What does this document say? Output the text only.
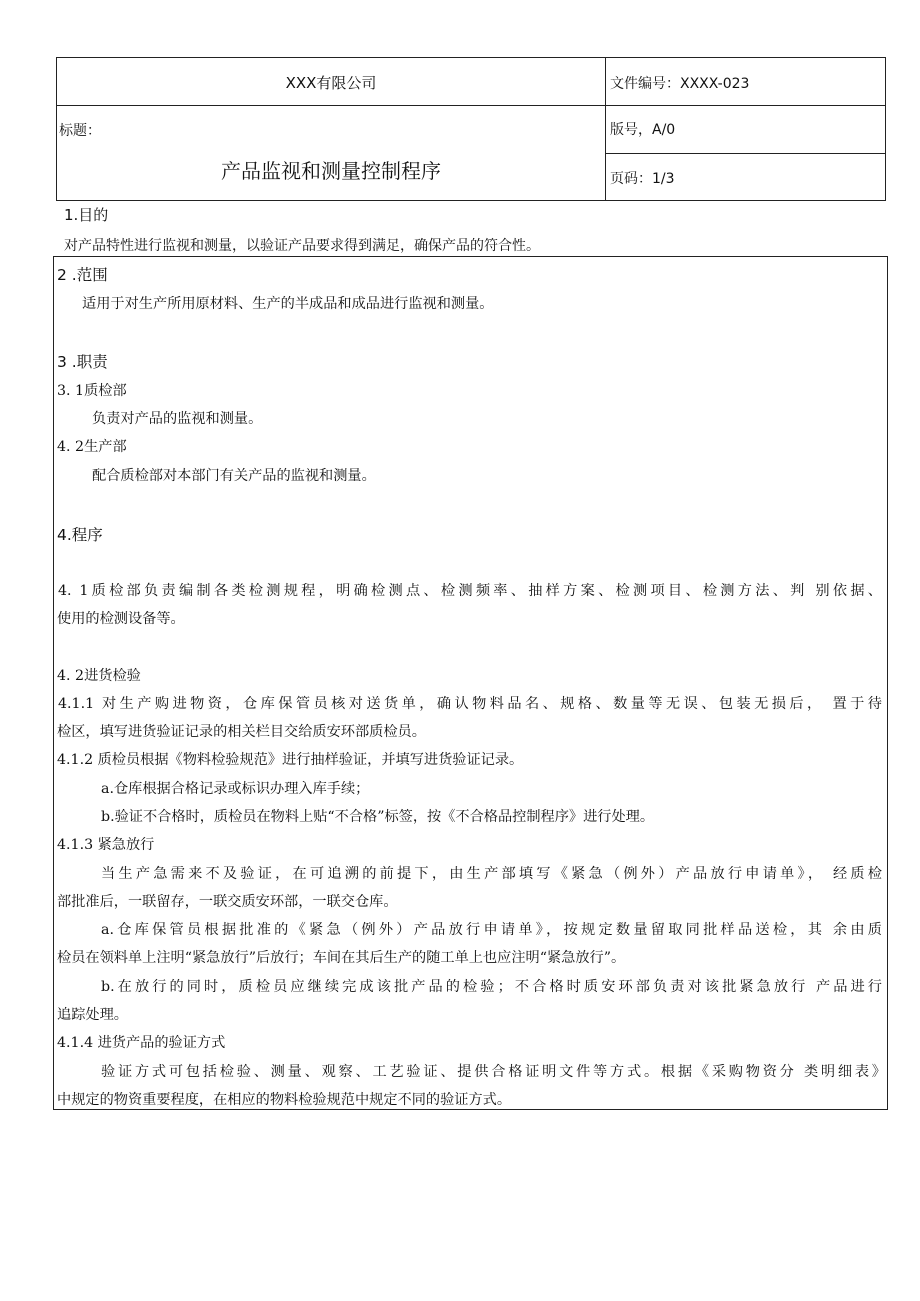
XXX有限公司	文件编号：XXXX-023
标题：
产品监视和测量控制程序
版号，A/0
页码：1/3
1.目的
对产品特性进行监视和测量，以验证产品要求得到满足，确保产品的符合性。
2 .范围
适用于对生产所用原材料、生产的半成品和成品进行监视和测量。
3 .职责
3. 1质检部
负责对产品的监视和测量。
4. 2生产部
配合质检部对本部门有关产品的监视和测量。
4.程序
4. 1质检部负责编制各类检测规程，明确检测点、检测频率、抽样方案、检测项目、检测方法、判 别依据、
使用的检测设备等。
4. 2进货检验
4.1.1 对生产购进物资，仓库保管员核对送货单，确认物料品名、规格、数量等无误、包装无损后， 置于待
检区，填写进货验证记录的相关栏目交给质安环部质检员。
4.1.2 质检员根据《物料检验规范》进行抽样验证，并填写进货验证记录。
a.仓库根据合格记录或标识办理入库手续；
b.验证不合格时，质检员在物料上贴“不合格”标签，按《不合格品控制程序》进行处理。
4.1.3 紧急放行
当生产急需来不及验证，在可追溯的前提下，由生产部填写《紧急（例外）产品放行申请单》， 经质检
部批准后，一联留存，一联交质安环部，一联交仓库。
a.仓库保管员根据批准的《紧急（例外）产品放行申请单》，按规定数量留取同批样品送检，其 余由质
检员在领料单上注明“紧急放行”后放行；车间在其后生产的随工单上也应注明“紧急放行”。
b.在放行的同时，质检员应继续完成该批产品的检验；不合格时质安环部负责对该批紧急放行 产品进行
追踪处理。
4.1.4 进货产品的验证方式
验证方式可包括检验、测量、观察、工艺验证、提供合格证明文件等方式。根据《采购物资分 类明细表》
中规定的物资重要程度，在相应的物料检验规范中规定不同的验证方式。
